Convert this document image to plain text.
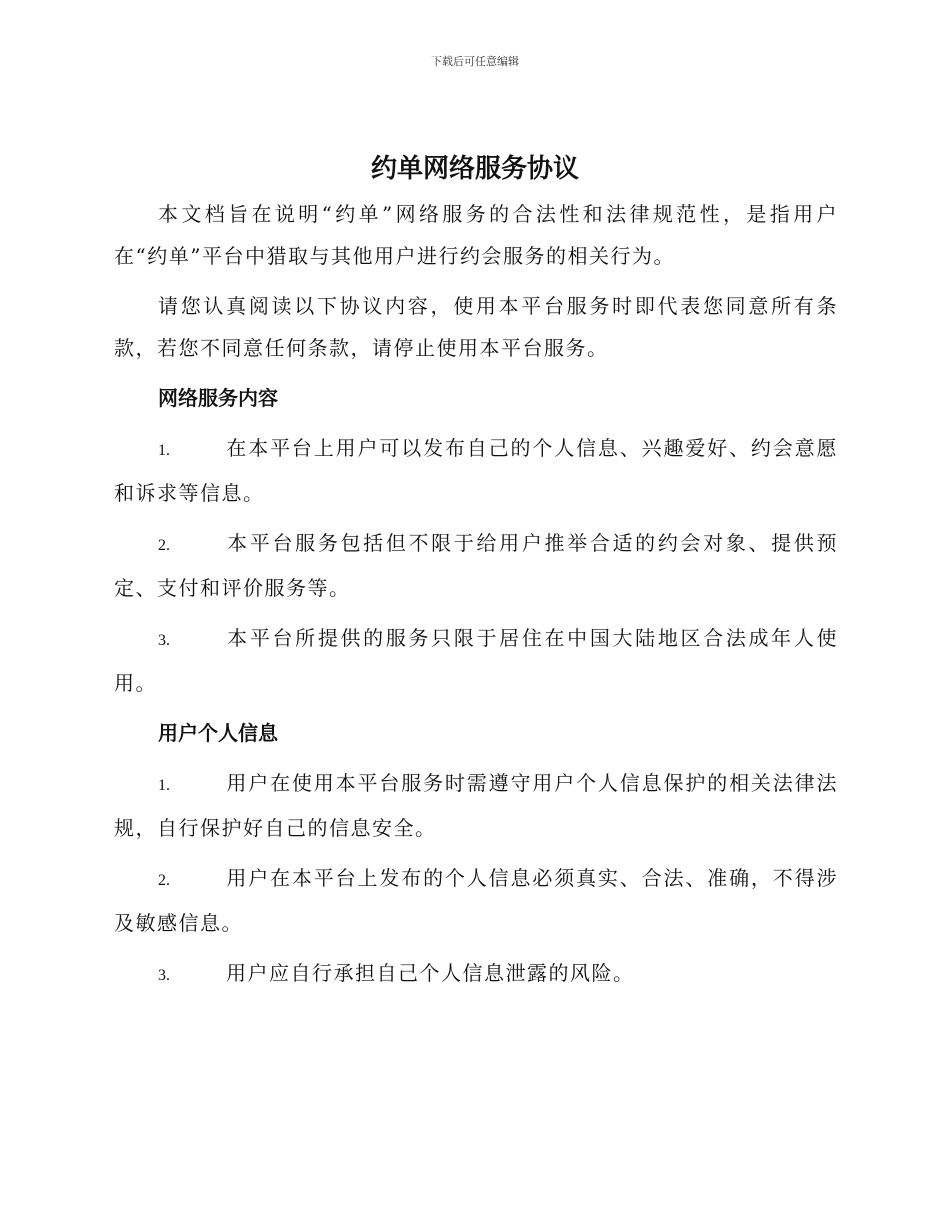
下载后可任意编辑
约单网络服务协议

本文档旨在说明“约单”网络服务的合法性和法律规范性，是指用户在“约单”平台中猎取与其他用户进行约会服务的相关行为。

请您认真阅读以下协议内容，使用本平台服务时即代表您同意所有条款，若您不同意任何条款，请停止使用本平台服务。

网络服务内容

1.	在本平台上用户可以发布自己的个人信息、兴趣爱好、约会意愿和诉求等信息。

2.	本平台服务包括但不限于给用户推举合适的约会对象、提供预定、支付和评价服务等。

3.	本平台所提供的服务只限于居住在中国大陆地区合法成年人使用。

用户个人信息

1.	用户在使用本平台服务时需遵守用户个人信息保护的相关法律法规，自行保护好自己的信息安全。

2.	用户在本平台上发布的个人信息必须真实、合法、准确，不得涉及敏感信息。

3.	用户应自行承担自己个人信息泄露的风险。
